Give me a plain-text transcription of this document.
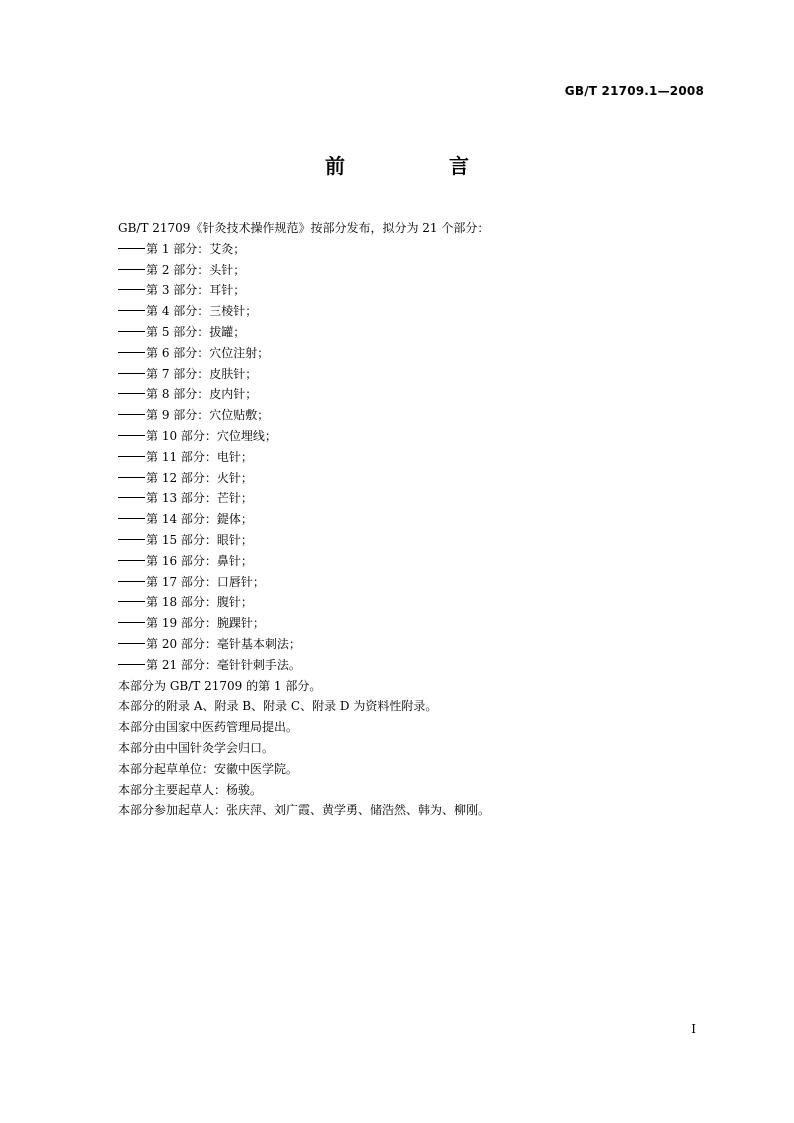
GB/T 21709.1—2008
前　言
GB/T 21709《针灸技术操作规范》按部分发布，拟分为 21 个部分：
第 1 部分：艾灸；
第 2 部分：头针；
第 3 部分：耳针；
第 4 部分：三棱针；
第 5 部分：拔罐；
第 6 部分：穴位注射；
第 7 部分：皮肤针；
第 8 部分：皮内针；
第 9 部分：穴位贴敷；
第 10 部分：穴位埋线；
第 11 部分：电针；
第 12 部分：火针；
第 13 部分：芒针；
第 14 部分：鍉体；
第 15 部分：眼针；
第 16 部分：鼻针；
第 17 部分：口唇针；
第 18 部分：腹针；
第 19 部分：腕踝针；
第 20 部分：毫针基本刺法；
第 21 部分：毫针针刺手法。
本部分为 GB/T 21709 的第 1 部分。
本部分的附录 A、附录 B、附录 C、附录 D 为资料性附录。
本部分由国家中医药管理局提出。
本部分由中国针灸学会归口。
本部分起草单位：安徽中医学院。
本部分主要起草人：杨骏。
本部分参加起草人：张庆萍、刘广霞、黄学勇、储浩然、韩为、柳刚。
I
